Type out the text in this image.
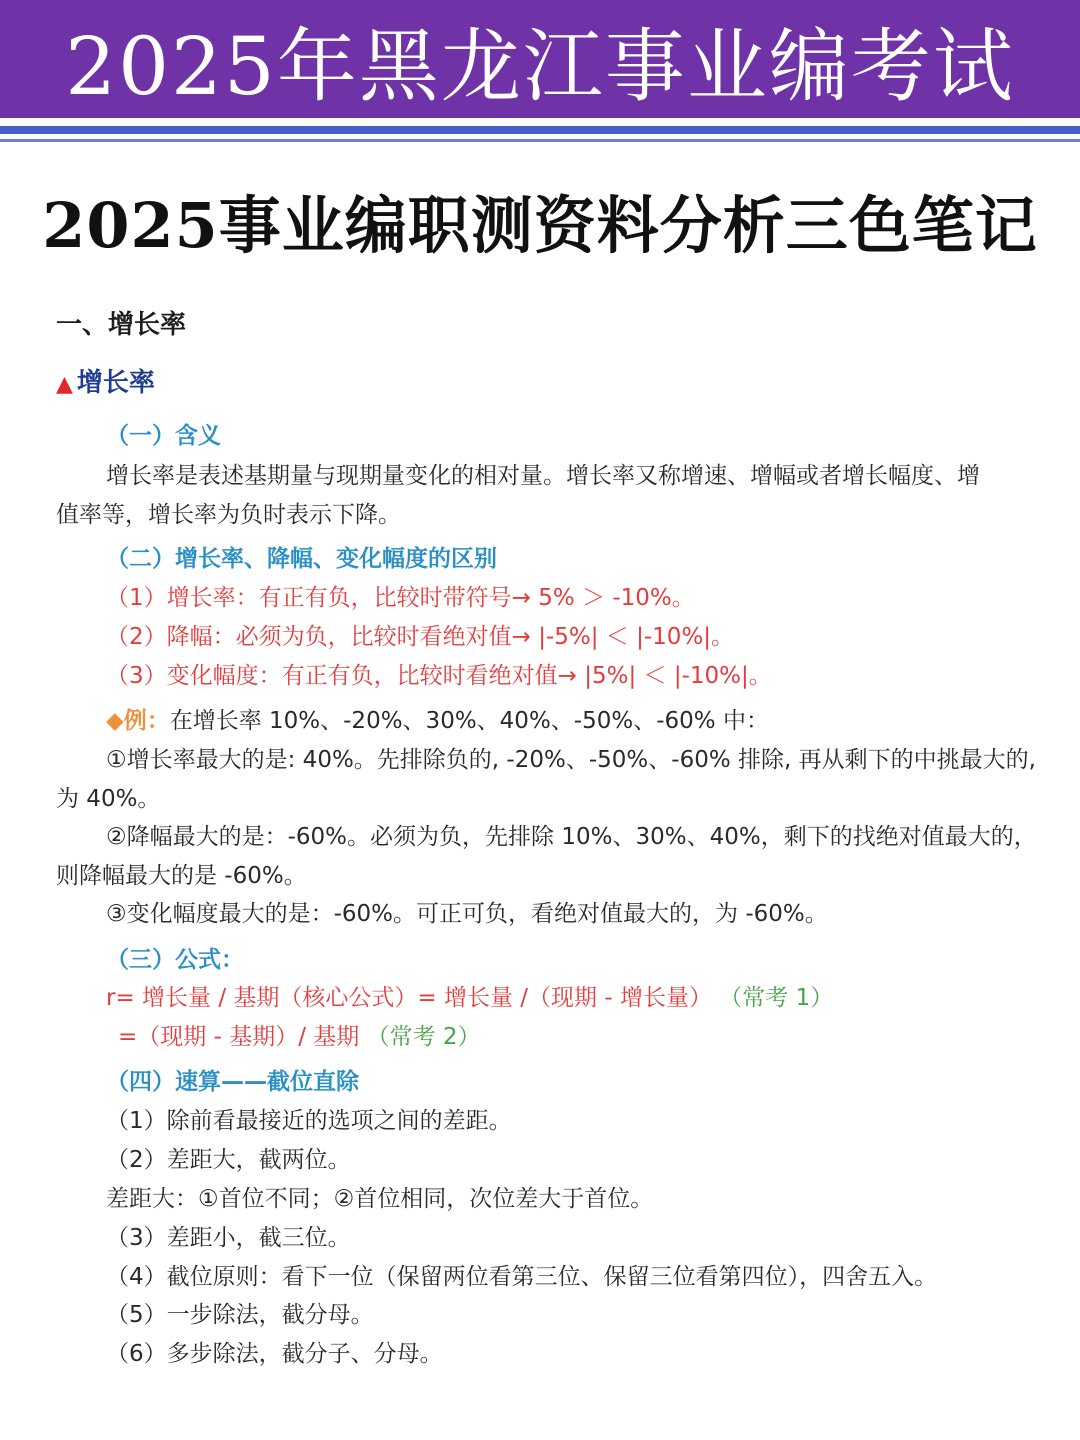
2025年黑龙江事业编考试
2025事业编职测资料分析三色笔记
一、增长率
▲ 增长率
（一）含义
增长率是表述基期量与现期量变化的相对量。增长率又称增速、增幅或者增长幅度、增
值率等，增长率为负时表示下降。
（二）增长率、降幅、变化幅度的区别
（1）增长率：有正有负，比较时带符号→ 5% ＞ -10%。
（2）降幅：必须为负，比较时看绝对值→ |-5%| ＜ |-10%|。
（3）变化幅度：有正有负，比较时看绝对值→ |5%| ＜ |-10%|。
◆例：在增长率 10%、-20%、30%、40%、-50%、-60% 中：
①增长率最大的是: 40%。先排除负的, -20%、-50%、-60% 排除, 再从剩下的中挑最大的,
为 40%。
②降幅最大的是：-60%。必须为负，先排除 10%、30%、40%，剩下的找绝对值最大的，
则降幅最大的是 -60%。
③变化幅度最大的是：-60%。可正可负，看绝对值最大的，为 -60%。
（三）公式：
r= 增长量 / 基期（核心公式）= 增长量 /（现期 - 增长量） （常考 1）
=（现期 - 基期）/ 基期 （常考 2）
（四）速算——截位直除
（1）除前看最接近的选项之间的差距。
（2）差距大，截两位。
差距大：①首位不同；②首位相同，次位差大于首位。
（3）差距小，截三位。
（4）截位原则：看下一位（保留两位看第三位、保留三位看第四位），四舍五入。
（5）一步除法，截分母。
（6）多步除法，截分子、分母。
